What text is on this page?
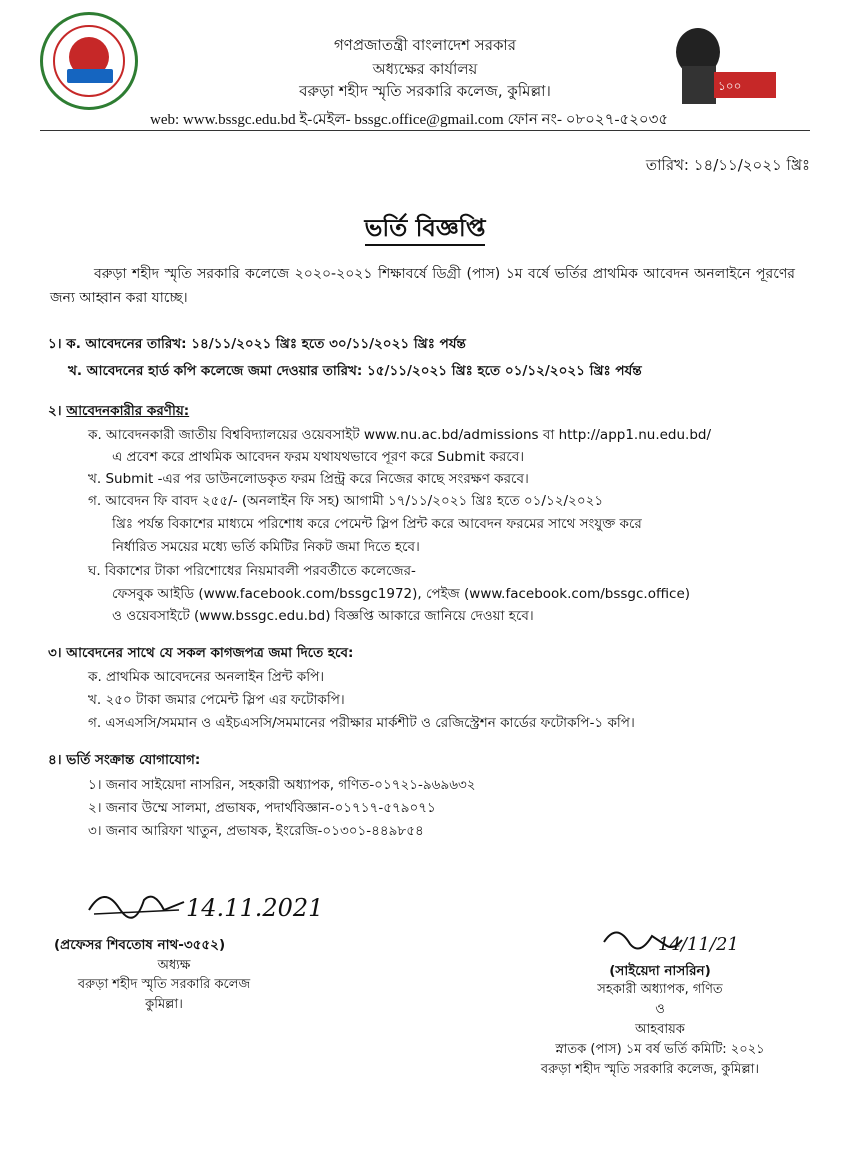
১০০
গণপ্রজাতন্ত্রী বাংলাদেশ সরকার
অধ্যক্ষের কার্যালয়
বরুড়া শহীদ স্মৃতি সরকারি কলেজ, কুমিল্লা।
web: www.bssgc.edu.bd ই-মেইল- bssgc.office@gmail.com ফোন নং- ০৮০২৭-৫২০৩৫
তারিখ: ১৪/১১/২০২১ খ্রিঃ
ভর্তি বিজ্ঞপ্তি
বরুড়া শহীদ স্মৃতি সরকারি কলেজে ২০২০-২০২১ শিক্ষাবর্ষে ডিগ্রী (পাস) ১ম বর্ষে ভর্তির প্রাথমিক আবেদন অনলাইনে পূরণের জন্য আহ্বান করা যাচ্ছে।
১। ক. আবেদনের তারিখ: ১৪/১১/২০২১ খ্রিঃ হতে ৩০/১১/২০২১ খ্রিঃ পর্যন্ত
খ. আবেদনের হার্ড কপি কলেজে জমা দেওয়ার তারিখ: ১৫/১১/২০২১ খ্রিঃ হতে ০১/১২/২০২১ খ্রিঃ পর্যন্ত
২। আবেদনকারীর করণীয়:
ক. আবেদনকারী জাতীয় বিশ্ববিদ্যালয়ের ওয়েবসাইট www.nu.ac.bd/admissions বা http://app1.nu.edu.bd/
এ প্রবেশ করে প্রাথমিক আবেদন ফরম যথাযথভাবে পূরণ করে Submit করবে।
খ. Submit -এর পর ডাউনলোডকৃত ফরম প্রিন্ট্র করে নিজের কাছে সংরক্ষণ করবে।
গ. আবেদন ফি বাবদ ২৫৫/- (অনলাইন ফি সহ) আগামী ১৭/১১/২০২১ খ্রিঃ হতে ০১/১২/২০২১
খ্রিঃ পর্যন্ত বিকাশের মাধ্যমে পরিশোধ করে পেমেন্ট স্লিপ প্রিন্ট করে আবেদন ফরমের সাথে সংযুক্ত করে
নির্ধারিত সময়ের মধ্যে ভর্তি কমিটির নিকট জমা দিতে হবে।
ঘ. বিকাশের টাকা পরিশোধের নিয়মাবলী পরবর্তীতে কলেজের-
ফেসবুক আইডি (www.facebook.com/bssgc1972), পেইজ (www.facebook.com/bssgc.office)
ও ওয়েবসাইটে (www.bssgc.edu.bd) বিজ্ঞপ্তি আকারে জানিয়ে দেওয়া হবে।
৩। আবেদনের সাথে যে সকল কাগজপত্র জমা দিতে হবে:
ক. প্রাথমিক আবেদনের অনলাইন প্রিন্ট কপি।
খ. ২৫০ টাকা জমার পেমেন্ট স্লিপ এর ফটোকপি।
গ. এসএসসি/সমমান ও এইচএসসি/সমমানের পরীক্ষার মার্কশীট ও রেজিস্ট্রেশন কার্ডের ফটোকপি-১ কপি।
৪। ভর্তি সংক্রান্ত যোগাযোগ:
১। জনাব সাইয়েদা নাসরিন, সহকারী অধ্যাপক, গণিত-০১৭২১-৯৬৯৬৩২
২। জনাব উম্মে সালমা, প্রভাষক, পদার্থবিজ্ঞান-০১৭১৭-৫৭৯০৭১
৩। জনাব আরিফা খাতুন, প্রভাষক, ইংরেজি-০১৩০১-৪৪৯৮৫৪
14.11.2021
(প্রফেসর শিবতোষ নাথ-৩৫৫২)
অধ্যক্ষ
বরুড়া শহীদ স্মৃতি সরকারি কলেজ
কুমিল্লা।
14/11/21
(সাইয়েদা নাসরিন)
সহকারী অধ্যাপক, গণিত
ও
আহবায়ক
স্নাতক (পাস) ১ম বর্ষ ভর্তি কমিটি: ২০২১
বরুড়া শহীদ স্মৃতি সরকারি কলেজ, কুমিল্লা।
